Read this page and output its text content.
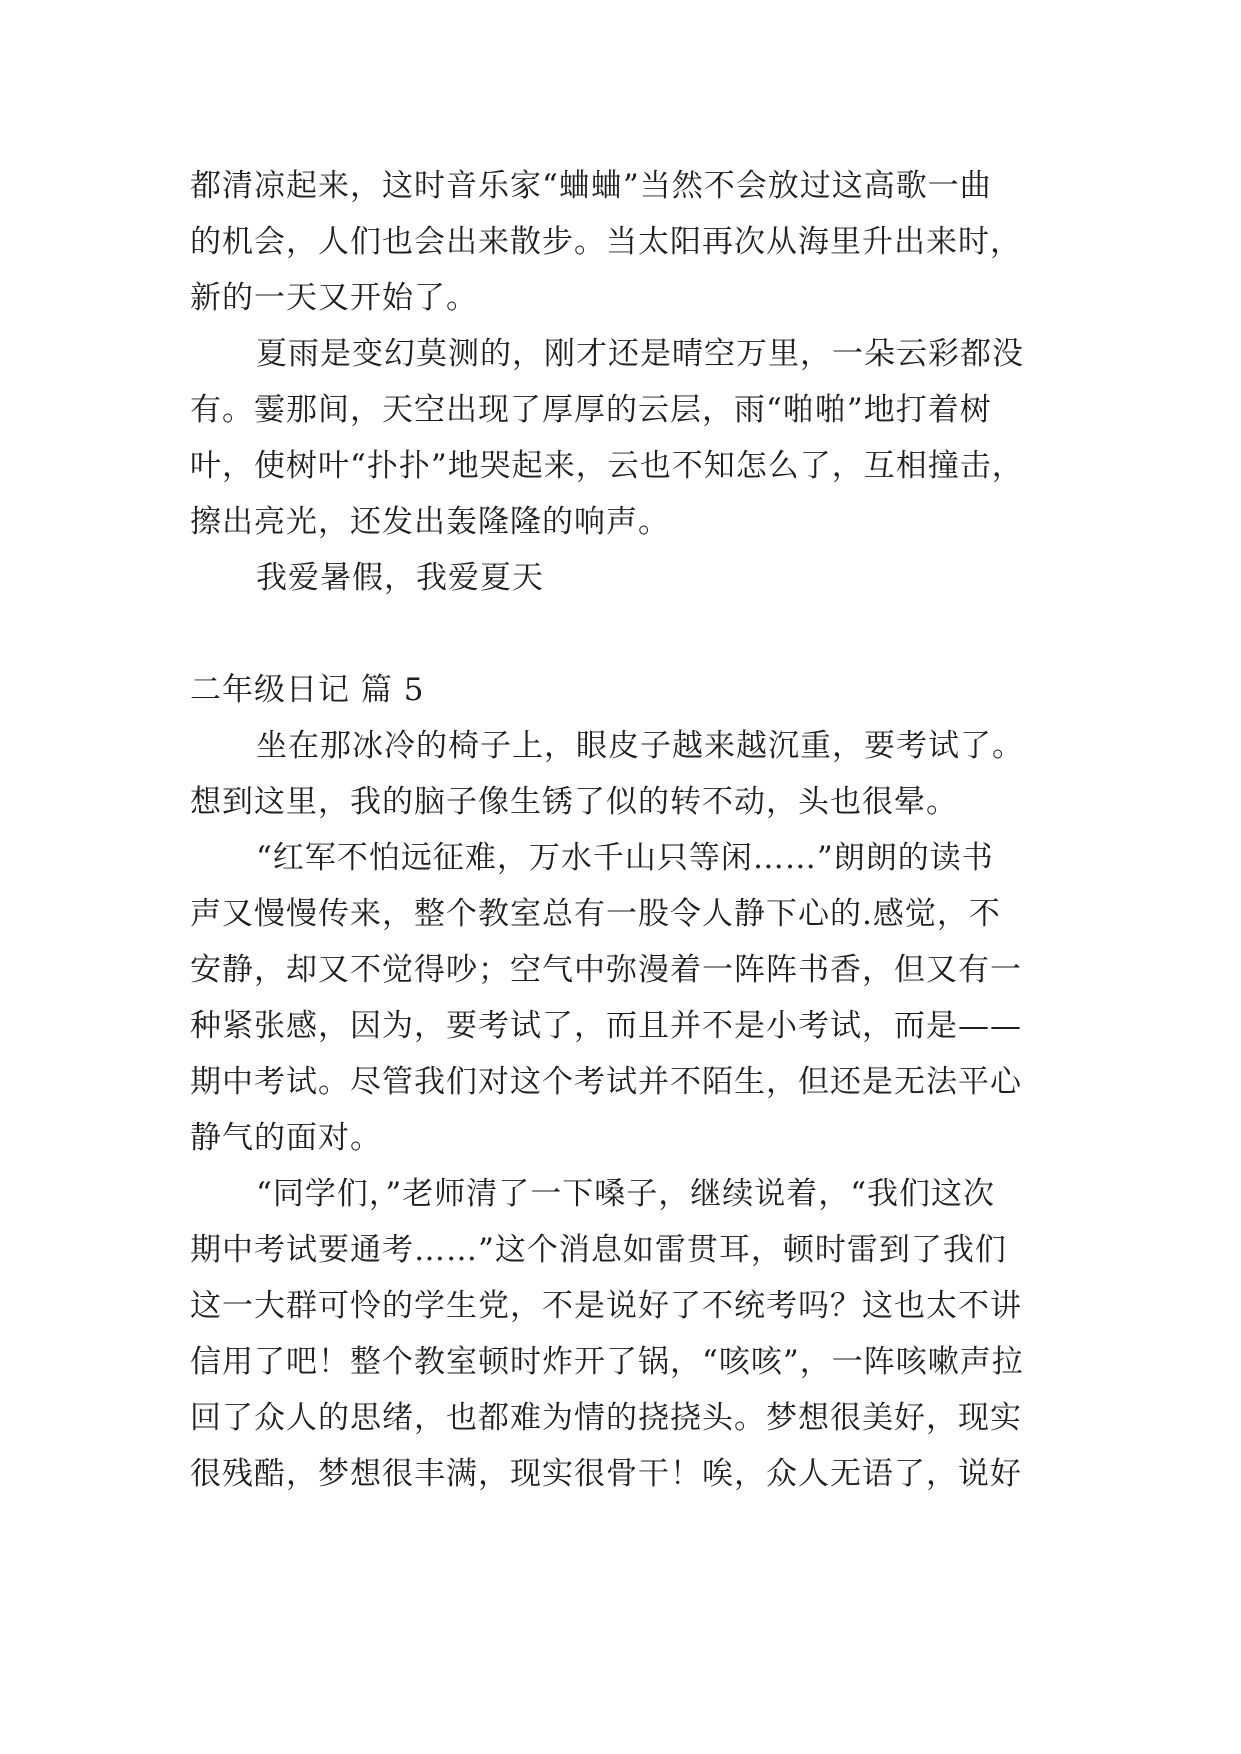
都清凉起来，这时音乐家“蛐蛐”当然不会放过这高歌一曲
的机会，人们也会出来散步。当太阳再次从海里升出来时，
新的一天又开始了。
夏雨是变幻莫测的，刚才还是晴空万里，一朵云彩都没
有。霎那间，天空出现了厚厚的云层，雨“啪啪”地打着树
叶，使树叶“扑扑”地哭起来，云也不知怎么了，互相撞击，
擦出亮光，还发出轰隆隆的响声。
我爱暑假，我爱夏天
二年级日记 篇 5
坐在那冰冷的椅子上，眼皮子越来越沉重，要考试了。
想到这里，我的脑子像生锈了似的转不动，头也很晕。
“红军不怕远征难，万水千山只等闲……”朗朗的读书
声又慢慢传来，整个教室总有一股令人静下心的.感觉，不
安静，却又不觉得吵；空气中弥漫着一阵阵书香，但又有一
种紧张感，因为，要考试了，而且并不是小考试，而是——
期中考试。尽管我们对这个考试并不陌生，但还是无法平心
静气的面对。
“同学们，”老师清了一下嗓子，继续说着，“我们这次
期中考试要通考……”这个消息如雷贯耳，顿时雷到了我们
这一大群可怜的学生党，不是说好了不统考吗？这也太不讲
信用了吧！整个教室顿时炸开了锅，“咳咳”，一阵咳嗽声拉
回了众人的思绪，也都难为情的挠挠头。梦想很美好，现实
很残酷，梦想很丰满，现实很骨干！唉，众人无语了，说好
